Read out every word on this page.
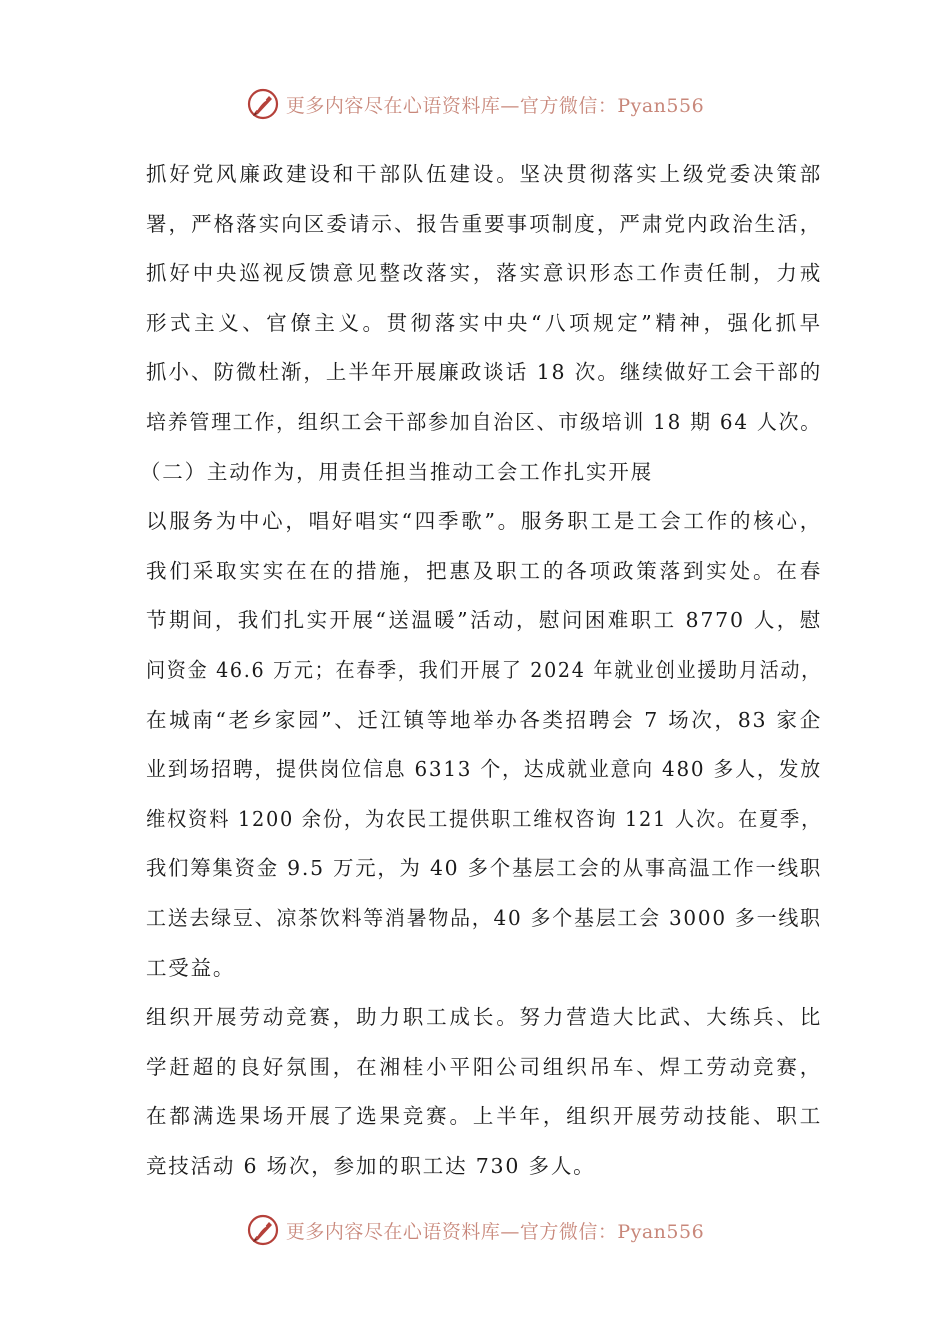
更多内容尽在心语资料库—官方微信：Pyan556

抓好党风廉政建设和干部队伍建设。坚决贯彻落实上级党委决策部
署，严格落实向区委请示、报告重要事项制度，严肃党内政治生活，
抓好中央巡视反馈意见整改落实，落实意识形态工作责任制，力戒
形式主义、官僚主义。贯彻落实中央“八项规定”精神，强化抓早
抓小、防微杜渐，上半年开展廉政谈话 18 次。继续做好工会干部的
培养管理工作，组织工会干部参加自治区、市级培训 18 期 64 人次。

（二）主动作为，用责任担当推动工会工作扎实开展

以服务为中心，唱好唱实“四季歌”。服务职工是工会工作的核心，
我们采取实实在在的措施，把惠及职工的各项政策落到实处。在春
节期间，我们扎实开展“送温暖”活动，慰问困难职工 8770 人，慰
问资金 46.6 万元；在春季，我们开展了 2024 年就业创业援助月活动，
在城南“老乡家园”、迁江镇等地举办各类招聘会 7 场次，83 家企
业到场招聘，提供岗位信息 6313 个，达成就业意向 480 多人，发放
维权资料 1200 余份，为农民工提供职工维权咨询 121 人次。在夏季，
我们筹集资金 9.5 万元，为 40 多个基层工会的从事高温工作一线职
工送去绿豆、凉茶饮料等消暑物品，40 多个基层工会 3000 多一线职
工受益。

组织开展劳动竞赛，助力职工成长。努力营造大比武、大练兵、比
学赶超的良好氛围，在湘桂小平阳公司组织吊车、焊工劳动竞赛，
在都满选果场开展了选果竞赛。上半年，组织开展劳动技能、职工
竞技活动 6 场次，参加的职工达 730 多人。

更多内容尽在心语资料库—官方微信：Pyan556
